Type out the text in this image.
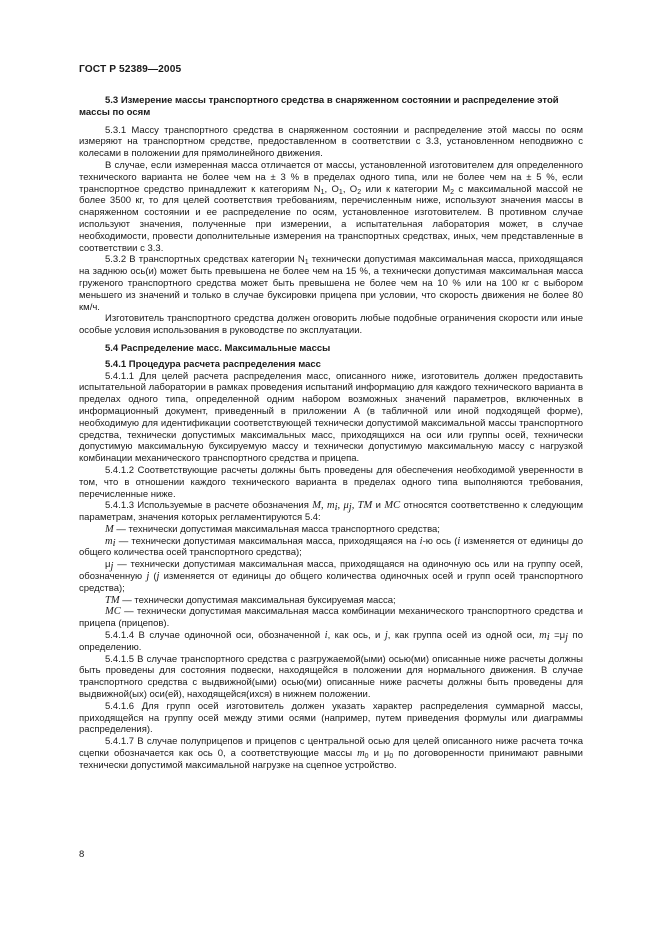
ГОСТ Р 52389—2005
5.3 Измерение массы транспортного средства в снаряженном состоянии и распределение этой массы по осям

5.3.1 Массу транспортного средства в снаряженном состоянии и распределение этой массы по осям измеряют на транспортном средстве, предоставленном в соответствии с 3.3, установленном неподвижно с колесами в положении для прямолинейного движения.

В случае, если измеренная масса отличается от массы, установленной изготовителем для определенного технического варианта не более чем на ± 3 % в пределах одного типа, или не более чем на ± 5 %, если транспортное средство принадлежит к категориям $N_1$, $O_1$, $O_2$ или к категории $M_2$ с максимальной массой не более 3500 кг, то для целей соответствия требованиям, перечисленным ниже, используют значения массы в снаряженном состоянии и ее распределение по осям, установленное изготовителем. В противном случае используют значения, полученные при измерении, а испытательная лаборатория может, в случае необходимости, провести дополнительные измерения на транспортных средствах, иных, чем представленные в соответствии с 3.3.

5.3.2 В транспортных средствах категории $N_1$ технически допустимая максимальная масса, приходящаяся на заднюю ось(и) может быть превышена не более чем на 15 %, а технически допустимая максимальная масса груженого транспортного средства может быть превышена не более чем на 10 % или на 100 кг с выбором меньшего из значений и только в случае буксировки прицепа при условии, что скорость движения не более 80 км/ч.

Изготовитель транспортного средства должен оговорить любые подобные ограничения скорости или иные особые условия использования в руководстве по эксплуатации.

5.4 Распределение масс. Максимальные массы
5.4.1 Процедура расчета распределения масс

5.4.1.1 Для целей расчета распределения масс, описанного ниже, изготовитель должен предоставить испытательной лаборатории в рамках проведения испытаний информацию для каждого технического варианта в пределах одного типа, определенной одним набором возможных значений параметров, включенных в информационный документ, приведенный в приложении А (в табличной или иной подходящей форме), необходимую для идентификации соответствующей технически допустимой максимальной массы транспортного средства, технически допустимых максимальных масс, приходящихся на оси или группы осей, технически допустимую максимальную буксируемую массу и технически допустимую максимальную массу с нагрузкой комбинации механического транспортного средства и прицепа.

5.4.1.2 Соответствующие расчеты должны быть проведены для обеспечения необходимой уверенности в том, что в отношении каждого технического варианта в пределах одного типа выполняются требования, перечисленные ниже.

5.4.1.3 Используемые в расчете обозначения M, $m_i$, $\mu_j$, TM и MC относятся соответственно к следующим параметрам, значения которых регламентируются 5.4:

M — технически допустимая максимальная масса транспортного средства;

$m_i$ — технически допустимая максимальная масса, приходящаяся на i-ю ось (i изменяется от единицы до общего количества осей транспортного средства);

$\mu_j$ — технически допустимая максимальная масса, приходящаяся на одиночную ось или на группу осей, обозначенную j (j изменяется от единицы до общего количества одиночных осей и групп осей транспортного средства);

TM — технически допустимая максимальная буксируемая масса;

MC — технически допустимая максимальная масса комбинации механического транспортного средства и прицепа (прицепов).

5.4.1.4 В случае одиночной оси, обозначенной i, как ось, и j, как группа осей из одной оси, $m_i =\mu_j$ по определению.

5.4.1.5 В случае транспортного средства с разгружаемой(ыми) осью(ми) описанные ниже расчеты должны быть проведены для состояния подвески, находящейся в положении для нормального движения. В случае транспортного средства с выдвижной(ыми) осью(ми) описанные ниже расчеты должны быть проведены для выдвижной(ых) оси(ей), находящейся(ихся) в нижнем положении.

5.4.1.6 Для групп осей изготовитель должен указать характер распределения суммарной массы, приходящейся на группу осей между этими осями (например, путем приведения формулы или диаграммы распределения).

5.4.1.7 В случае полуприцепов и прицепов с центральной осью для целей описанного ниже расчета точка сцепки обозначается как ось 0, а соответствующие массы $m_0$ и $\mu_0$ по договоренности принимают равными технически допустимой максимальной нагрузке на сцепное устройство.

8
